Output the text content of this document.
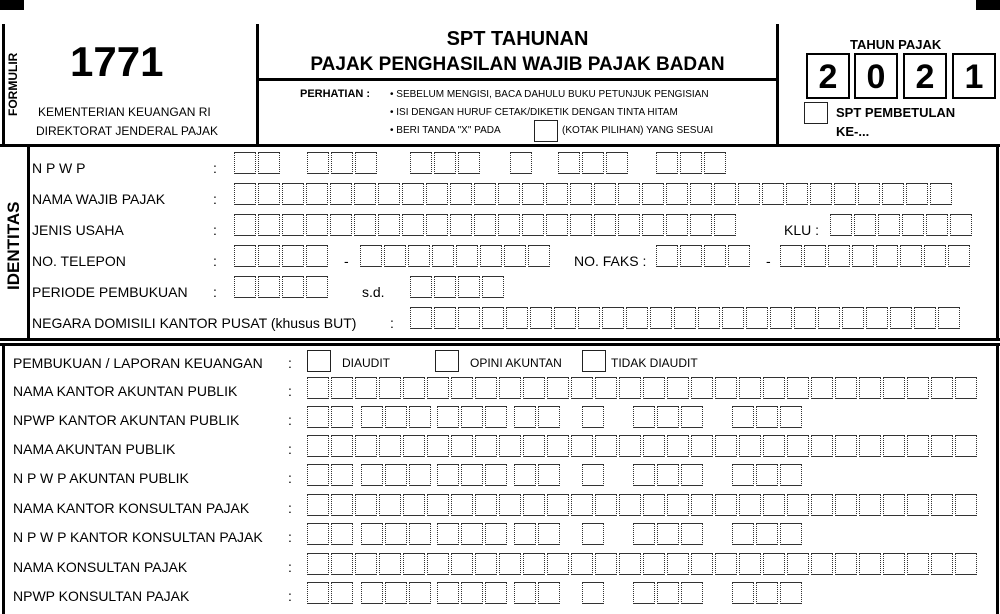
FORMULIR 1771
KEMENTERIAN KEUANGAN RI
DIREKTORAT JENDERAL PAJAK
SPT TAHUNAN
PAJAK PENGHASILAN WAJIB PAJAK BADAN
PERHATIAN : • SEBELUM MENGISI, BACA DAHULU BUKU PETUNJUK PENGISIAN
• ISI DENGAN HURUF CETAK/DIKETIK DENGAN TINTA HITAM
• BERI TANDA "X" PADA	(KOTAK PILIHAN) YANG SESUAI
TAHUN PAJAK
2 0 2 1
SPT PEMBETULAN
KE-...
IDENTITAS
N P W P	:
NAMA WAJIB PAJAK	:
JENIS USAHA	:	KLU :
NO. TELEPON	:	-	NO. FAKS :	-
PERIODE PEMBUKUAN :	s.d.
NEGARA DOMISILI KANTOR PUSAT (khusus BUT) :
PEMBUKUAN / LAPORAN KEUANGAN :	DIAUDIT	OPINI AKUNTAN	TIDAK DIAUDIT
NAMA KANTOR AKUNTAN PUBLIK	:
NPWP KANTOR AKUNTAN PUBLIK	:
NAMA AKUNTAN PUBLIK	:
N P W P AKUNTAN PUBLIK	:
NAMA KANTOR KONSULTAN PAJAK	:
N P W P KANTOR KONSULTAN PAJAK :
NAMA KONSULTAN PAJAK	:
NPWP KONSULTAN PAJAK	:
